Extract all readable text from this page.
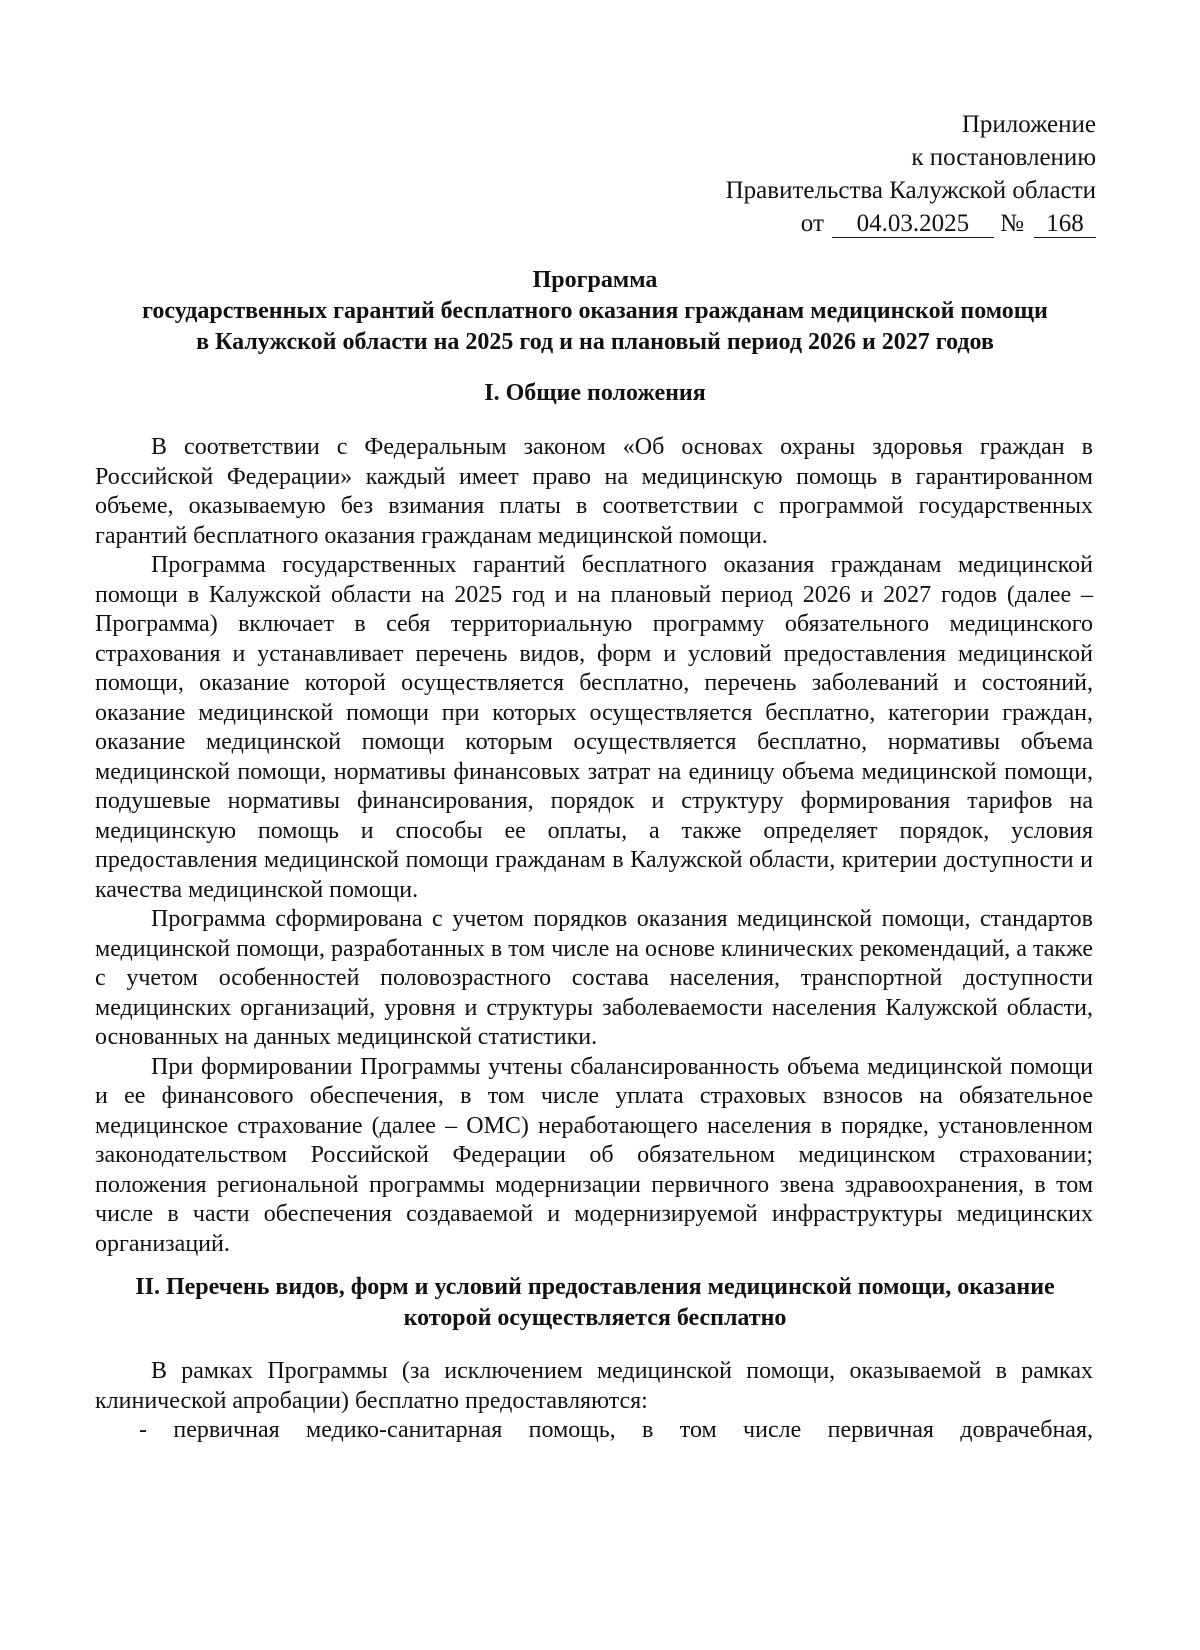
Приложение
к постановлению
Правительства Калужской области
от 04.03.2025 № 168
Программа
государственных гарантий бесплатного оказания гражданам медицинской помощи
в Калужской области на 2025 год и на плановый период 2026 и 2027 годов
I. Общие положения

В соответствии с Федеральным законом «Об основах охраны здоровья граждан в Российской Федерации» каждый имеет право на медицинскую помощь в гарантированном объеме, оказываемую без взимания платы в соответствии с программой государственных гарантий бесплатного оказания гражданам медицинской помощи.

Программа государственных гарантий бесплатного оказания гражданам медицинской помощи в Калужской области на 2025 год и на плановый период 2026 и 2027 годов (далее – Программа) включает в себя территориальную программу обязательного медицинского страхования и устанавливает перечень видов, форм и условий предоставления медицинской помощи, оказание которой осуществляется бесплатно, перечень заболеваний и состояний, оказание медицинской помощи при которых осуществляется бесплатно, категории граждан, оказание медицинской помощи которым осуществляется бесплатно, нормативы объема медицинской помощи, нормативы финансовых затрат на единицу объема медицинской помощи, подушевые нормативы финансирования, порядок и структуру формирования тарифов на медицинскую помощь и способы ее оплаты, а также определяет порядок, условия предоставления медицинской помощи гражданам в Калужской области, критерии доступности и качества медицинской помощи.

Программа сформирована с учетом порядков оказания медицинской помощи, стандартов медицинской помощи, разработанных в том числе на основе клинических рекомендаций, а также с учетом особенностей половозрастного состава населения, транспортной доступности медицинских организаций, уровня и структуры заболеваемости населения Калужской области, основанных на данных медицинской статистики.

При формировании Программы учтены сбалансированность объема медицинской помощи и ее финансового обеспечения, в том числе уплата страховых взносов на обязательное медицинское страхование (далее – ОМС) неработающего населения в порядке, установленном законодательством Российской Федерации об обязательном медицинском страховании; положения региональной программы модернизации первичного звена здравоохранения, в том числе в части обеспечения создаваемой и модернизируемой инфраструктуры медицинских организаций.

II. Перечень видов, форм и условий предоставления медицинской помощи, оказание
которой осуществляется бесплатно

В рамках Программы (за исключением медицинской помощи, оказываемой в рамках клинической апробации) бесплатно предоставляются:

- первичная медико-санитарная помощь, в том числе первичная доврачебная,
